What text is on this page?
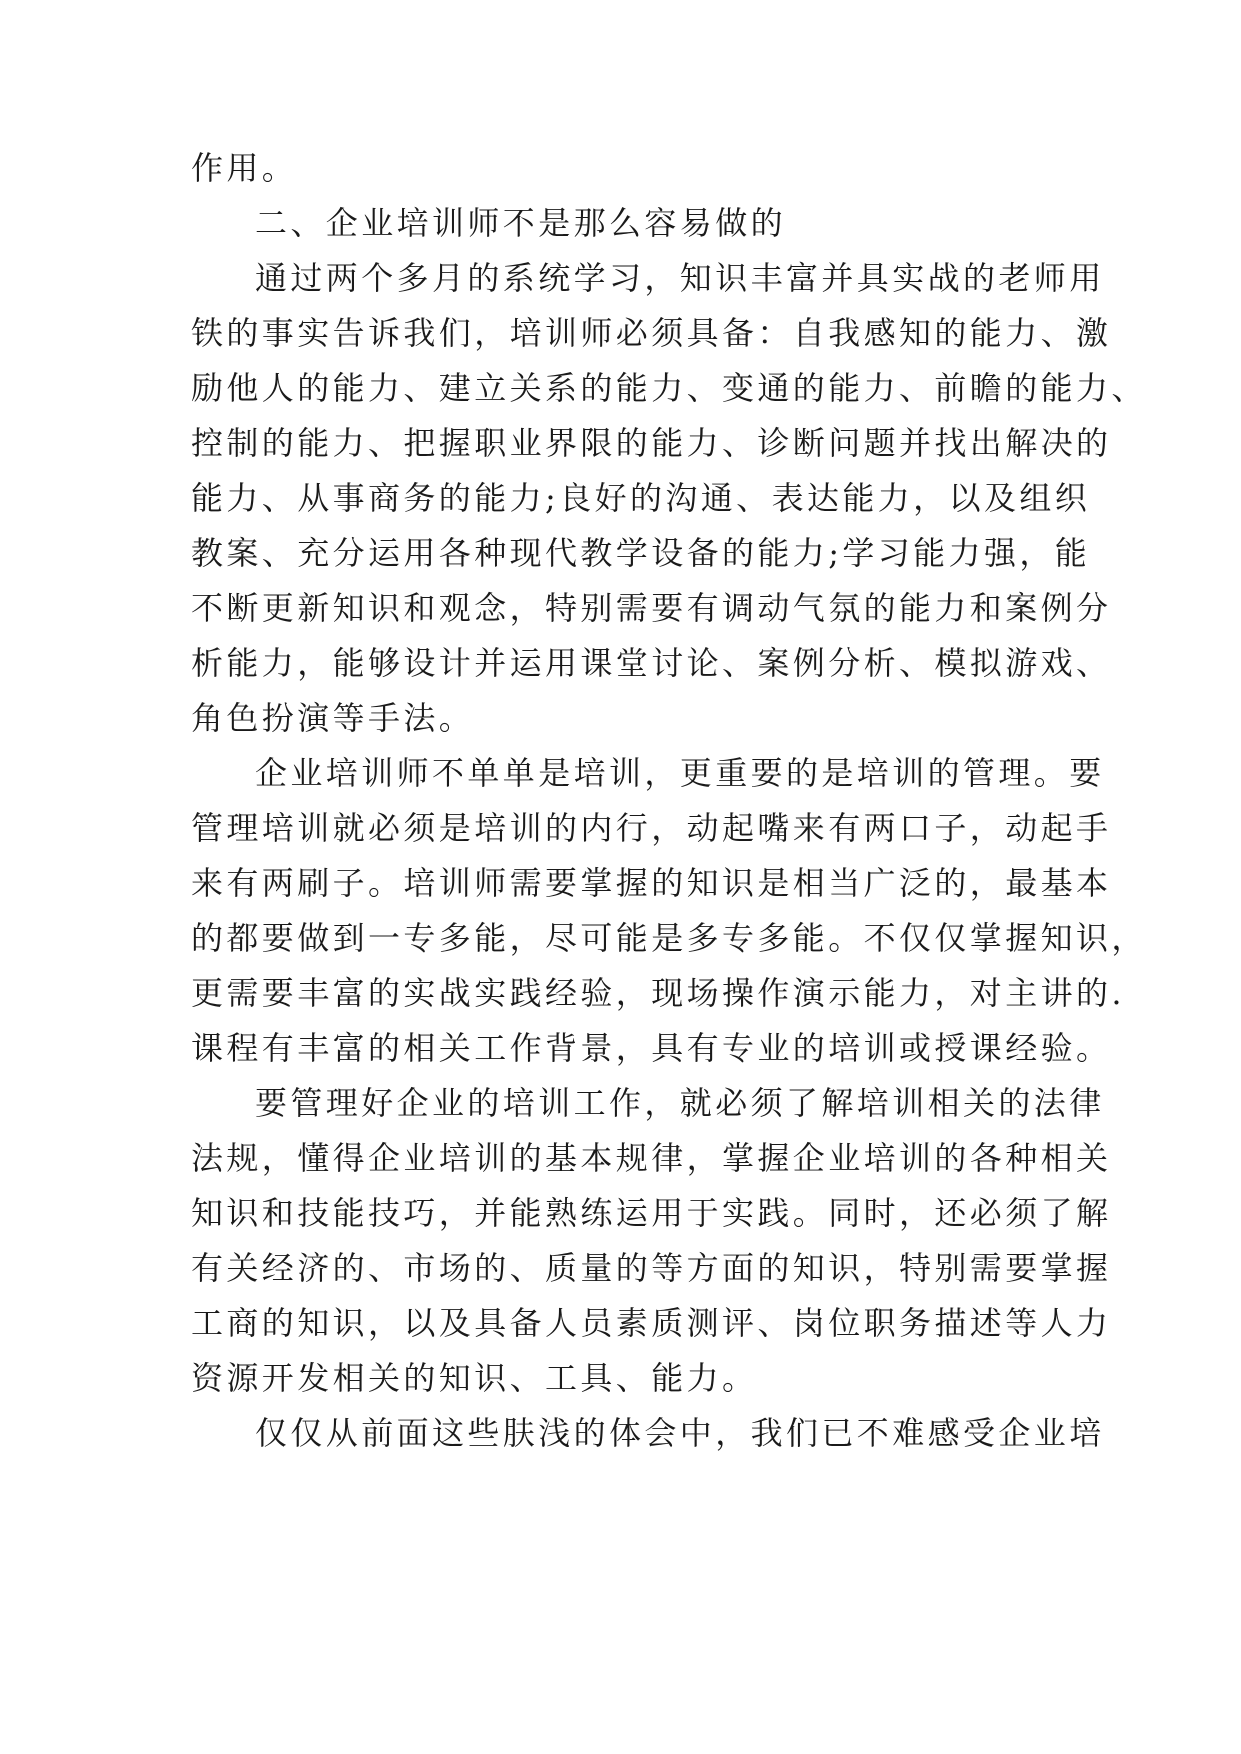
作用。
二、企业培训师不是那么容易做的
通过两个多月的系统学习，知识丰富并具实战的老师用
铁的事实告诉我们，培训师必须具备：自我感知的能力、激
励他人的能力、建立关系的能力、变通的能力、前瞻的能力、
控制的能力、把握职业界限的能力、诊断问题并找出解决的
能力、从事商务的能力;良好的沟通、表达能力，以及组织
教案、充分运用各种现代教学设备的能力;学习能力强，能
不断更新知识和观念，特别需要有调动气氛的能力和案例分
析能力，能够设计并运用课堂讨论、案例分析、模拟游戏、
角色扮演等手法。
企业培训师不单单是培训，更重要的是培训的管理。要
管理培训就必须是培训的内行，动起嘴来有两口子，动起手
来有两刷子。培训师需要掌握的知识是相当广泛的，最基本
的都要做到一专多能，尽可能是多专多能。不仅仅掌握知识，
更需要丰富的实战实践经验，现场操作演示能力，对主讲的.
课程有丰富的相关工作背景，具有专业的培训或授课经验。
要管理好企业的培训工作，就必须了解培训相关的法律
法规，懂得企业培训的基本规律，掌握企业培训的各种相关
知识和技能技巧，并能熟练运用于实践。同时，还必须了解
有关经济的、市场的、质量的等方面的知识，特别需要掌握
工商的知识，以及具备人员素质测评、岗位职务描述等人力
资源开发相关的知识、工具、能力。
仅仅从前面这些肤浅的体会中，我们已不难感受企业培
